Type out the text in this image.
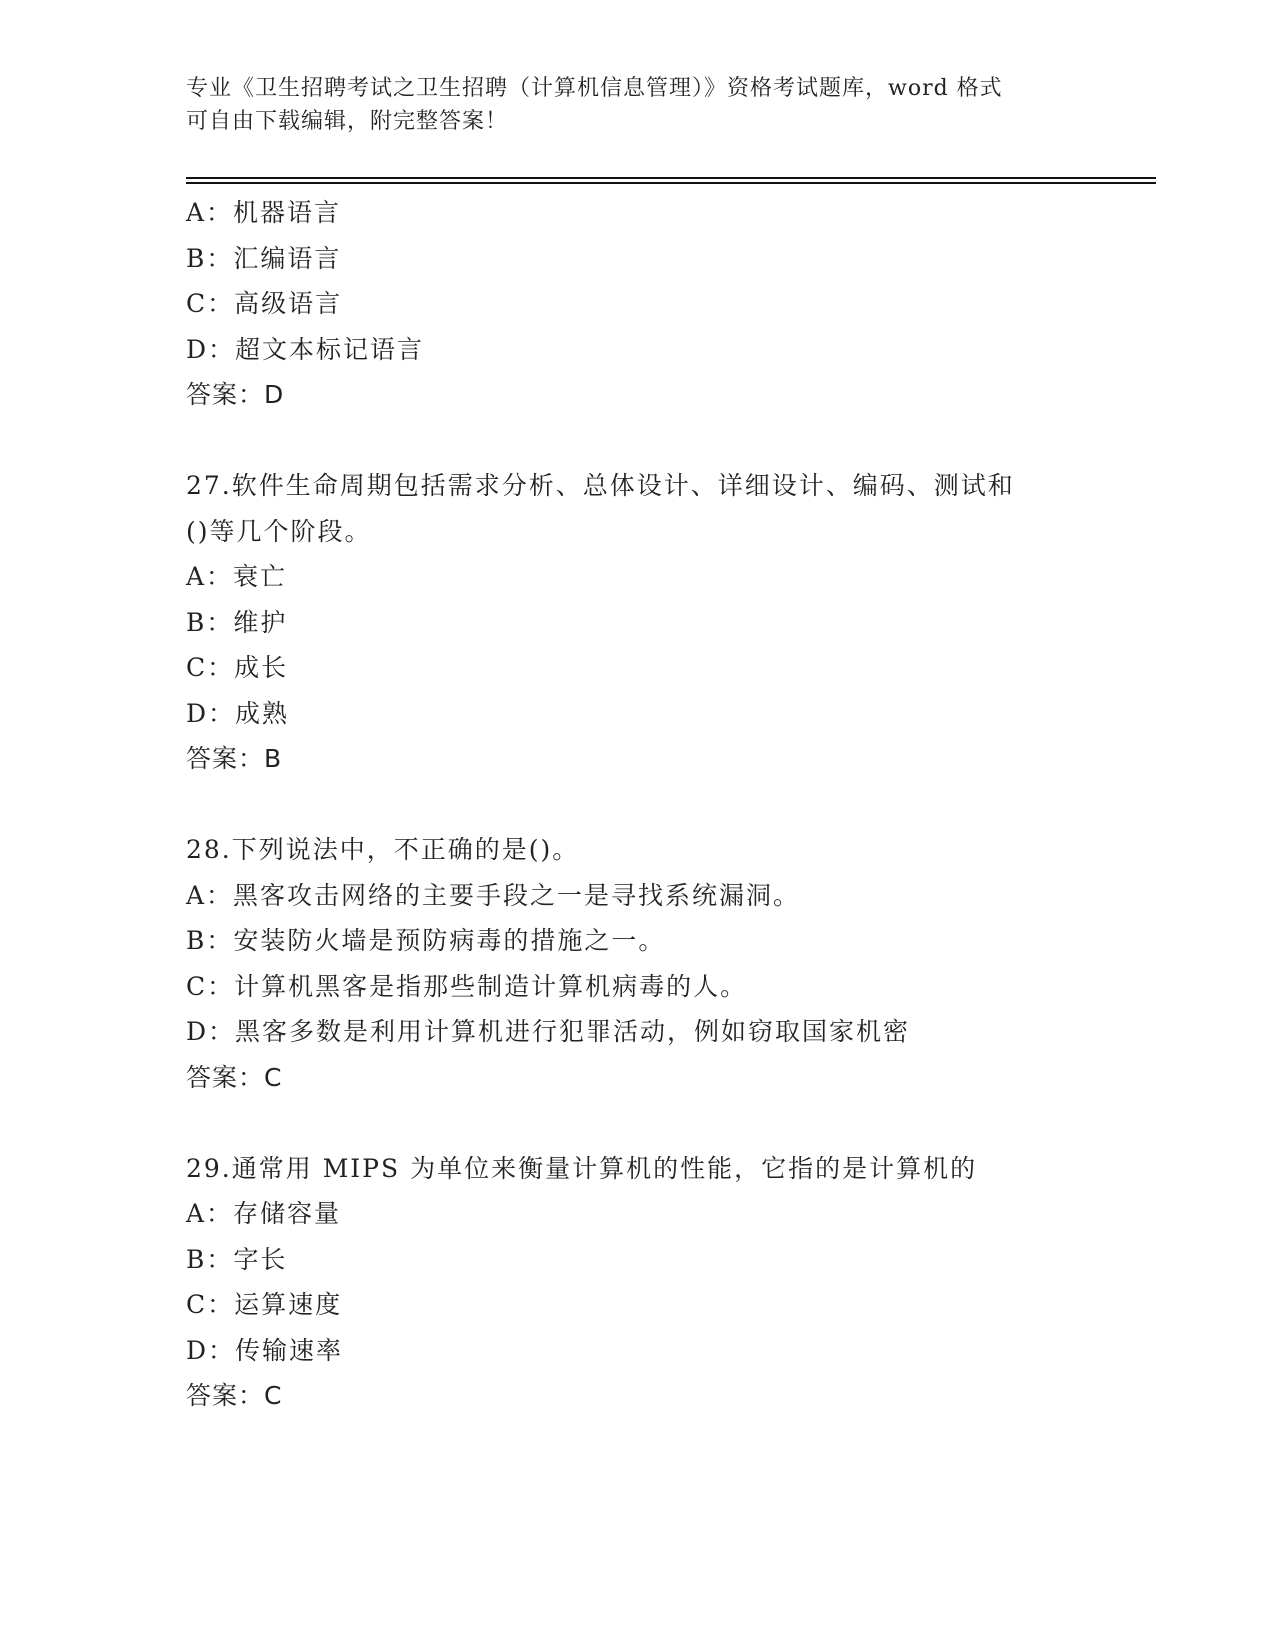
专业《卫生招聘考试之卫生招聘（计算机信息管理）》资格考试题库，word 格式
可自由下载编辑，附完整答案！
A：机器语言
B：汇编语言
C：高级语言
D：超文本标记语言
答案：D
27.软件生命周期包括需求分析、总体设计、详细设计、编码、测试和
()等几个阶段。
A：衰亡
B：维护
C：成长
D：成熟
答案：B
28.下列说法中，不正确的是()。
A：黑客攻击网络的主要手段之一是寻找系统漏洞。
B：安装防火墙是预防病毒的措施之一。
C：计算机黑客是指那些制造计算机病毒的人。
D：黑客多数是利用计算机进行犯罪活动，例如窃取国家机密
答案：C
29.通常用 MIPS 为单位来衡量计算机的性能，它指的是计算机的
A：存储容量
B：字长
C：运算速度
D：传输速率
答案：C
